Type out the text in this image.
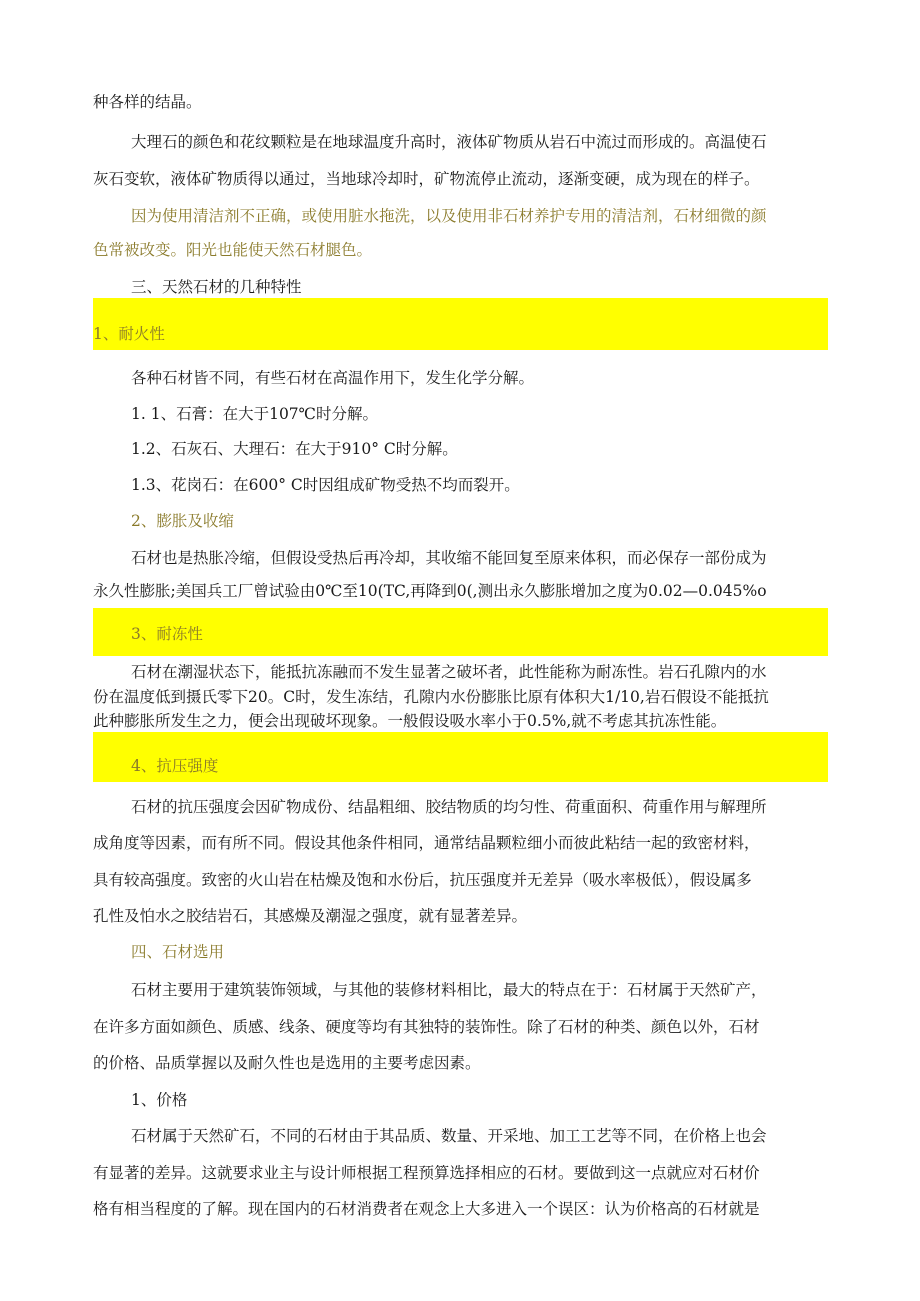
种各样的结晶。
大理石的颜色和花纹颗粒是在地球温度升高时，液体矿物质从岩石中流过而形成的。高温使石
灰石变软，液体矿物质得以通过，当地球冷却时，矿物流停止流动，逐渐变硬，成为现在的样子。
因为使用清洁剂不正确，或使用脏水拖洗，以及使用非石材养护专用的清洁剂，石材细微的颜
色常被改变。阳光也能使天然石材腿色。
三、天然石材的几种特性
1、耐火性
各种石材皆不同，有些石材在高温作用下，发生化学分解。
1. 1、石膏：在大于107℃时分解。
1.2、石灰石、大理石：在大于910° C时分解。
1.3、花岗石：在600° C时因组成矿物受热不均而裂开。
2、膨胀及收缩
石材也是热胀冷缩，但假设受热后再冷却，其收缩不能回复至原来体积，而必保存一部份成为
永久性膨胀;美国兵工厂曾试验由0℃至10(TC,再降到0(,测出永久膨胀增加之度为0.02—0.045%o
3、耐冻性
石材在潮湿状态下，能抵抗冻融而不发生显著之破坏者，此性能称为耐冻性。岩石孔隙内的水
份在温度低到摄氏零下20。C时，发生冻结，孔隙内水份膨胀比原有体积大1/10,岩石假设不能抵抗
此种膨胀所发生之力，便会出现破坏现象。一般假设吸水率小于0.5%,就不考虑其抗冻性能。
4、抗压强度
石材的抗压强度会因矿物成份、结晶粗细、胶结物质的均匀性、荷重面积、荷重作用与解理所
成角度等因素，而有所不同。假设其他条件相同，通常结晶颗粒细小而彼此粘结一起的致密材料，
具有较高强度。致密的火山岩在枯燥及饱和水份后，抗压强度并无差异（吸水率极低），假设属多
孔性及怕水之胶结岩石，其感燥及潮湿之强度，就有显著差异。
四、石材选用
石材主要用于建筑装饰领域，与其他的装修材料相比，最大的特点在于：石材属于天然矿产，
在许多方面如颜色、质感、线条、硬度等均有其独特的装饰性。除了石材的种类、颜色以外，石材
的价格、品质掌握以及耐久性也是选用的主要考虑因素。
1、价格
石材属于天然矿石，不同的石材由于其品质、数量、开采地、加工工艺等不同，在价格上也会
有显著的差异。这就要求业主与设计师根据工程预算选择相应的石材。要做到这一点就应对石材价
格有相当程度的了解。现在国内的石材消费者在观念上大多进入一个误区：认为价格高的石材就是
